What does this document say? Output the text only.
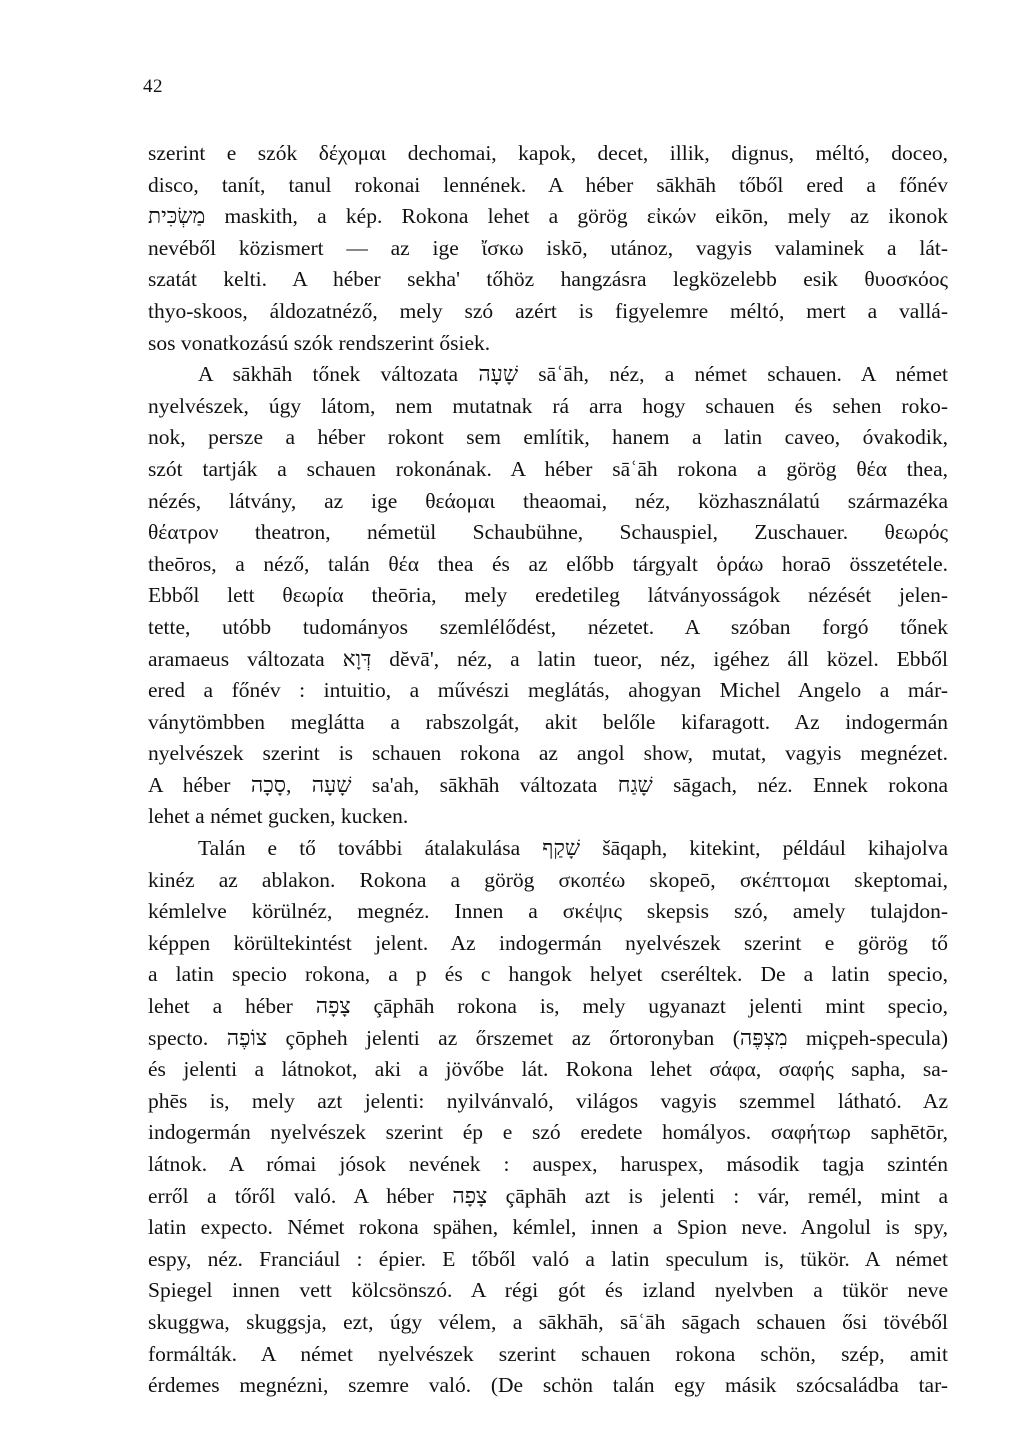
42
szerint e szók δέχομαι dechomai, kapok, decet, illik, dignus, méltó, doceo,
disco, tanít, tanul rokonai lennének. A héber sākhāh tőből ered a főnév
מַשְׂכִּית maskith, a kép. Rokona lehet a görög εἰκών eikōn, mely az ikonok
nevéből közismert — az ige ἴσκω iskō, utánoz, vagyis valaminek a lát-
szatát kelti. A héber sekha' tőhöz hangzásra legközelebb esik θυοσκόος
thyo-skoos, áldozatnéző, mely szó azért is figyelemre méltó, mert a vallá-
sos vonatkozású szók rendszerint ősiek.
A sākhāh tőnek változata שָׁעָה sāʿāh, néz, a német schauen. A német
nyelvészek, úgy látom, nem mutatnak rá arra hogy schauen és sehen roko-
nok, persze a héber rokont sem említik, hanem a latin caveo, óvakodik,
szót tartják a schauen rokonának. A héber sāʿāh rokona a görög θέα thea,
nézés, látvány, az ige θεάομαι theaomai, néz, közhasználatú származéka
θέατρον theatron, németül Schaubühne, Schauspiel, Zuschauer. θεωρός
theōros, a néző, talán θέα thea és az előbb tárgyalt ὁράω horaō összetétele.
Ebből lett θεωρία theōria, mely eredetileg látványosságok nézését jelen-
tette, utóbb tudományos szemlélődést, nézetet. A szóban forgó tőnek
aramaeus változata דְּוָא dĕvā', néz, a latin tueor, néz, igéhez áll közel. Ebből
ered a főnév : intuitio, a művészi meglátás, ahogyan Michel Angelo a már-
ványtömbben meglátta a rabszolgát, akit belőle kifaragott. Az indogermán
nyelvészek szerint is schauen rokona az angol show, mutat, vagyis megnézet.
A héber שָׁעָה ,סָכָה sa'ah, sākhāh változata שָׁגַח sāgach, néz. Ennek rokona
lehet a német gucken, kucken.
Talán e tő további átalakulása שָׁקַף šāqaph, kitekint, például kihajolva
kinéz az ablakon. Rokona a görög σκοπέω skopeō, σκέπτομαι skeptomai,
kémlelve körülnéz, megnéz. Innen a σκέψις skepsis szó, amely tulajdon-
képpen körültekintést jelent. Az indogermán nyelvészek szerint e görög tő
a latin specio rokona, a p és c hangok helyet cseréltek. De a latin specio,
lehet a héber צָפָה çāphāh rokona is, mely ugyanazt jelenti mint specio,
specto. צוֹפֶה çōpheh jelenti az őrszemet az őrtoronyban (מִצְפֶּה miçpeh-specula)
és jelenti a látnokot, aki a jövőbe lát. Rokona lehet σάφα, σαφής sapha, sa-
phēs is, mely azt jelenti: nyilvánvaló, világos vagyis szemmel látható. Az
indogermán nyelvészek szerint ép e szó eredete homályos. σαφήτωρ saphētōr,
látnok. A római jósok nevének : auspex, haruspex, második tagja szintén
erről a tőről való. A héber צָפָה çāphāh azt is jelenti : vár, remél, mint a
latin expecto. Német rokona spähen, kémlel, innen a Spion neve. Angolul is spy,
espy, néz. Franciául : épier. E tőből való a latin speculum is, tükör. A német
Spiegel innen vett kölcsönszó. A régi gót és izland nyelvben a tükör neve
skuggwa, skuggsja, ezt, úgy vélem, a sākhāh, sāʿāh sāgach schauen ősi tövéből
formálták. A német nyelvészek szerint schauen rokona schön, szép, amit
érdemes megnézni, szemre való. (De schön talán egy másik szócsaládba tar-
